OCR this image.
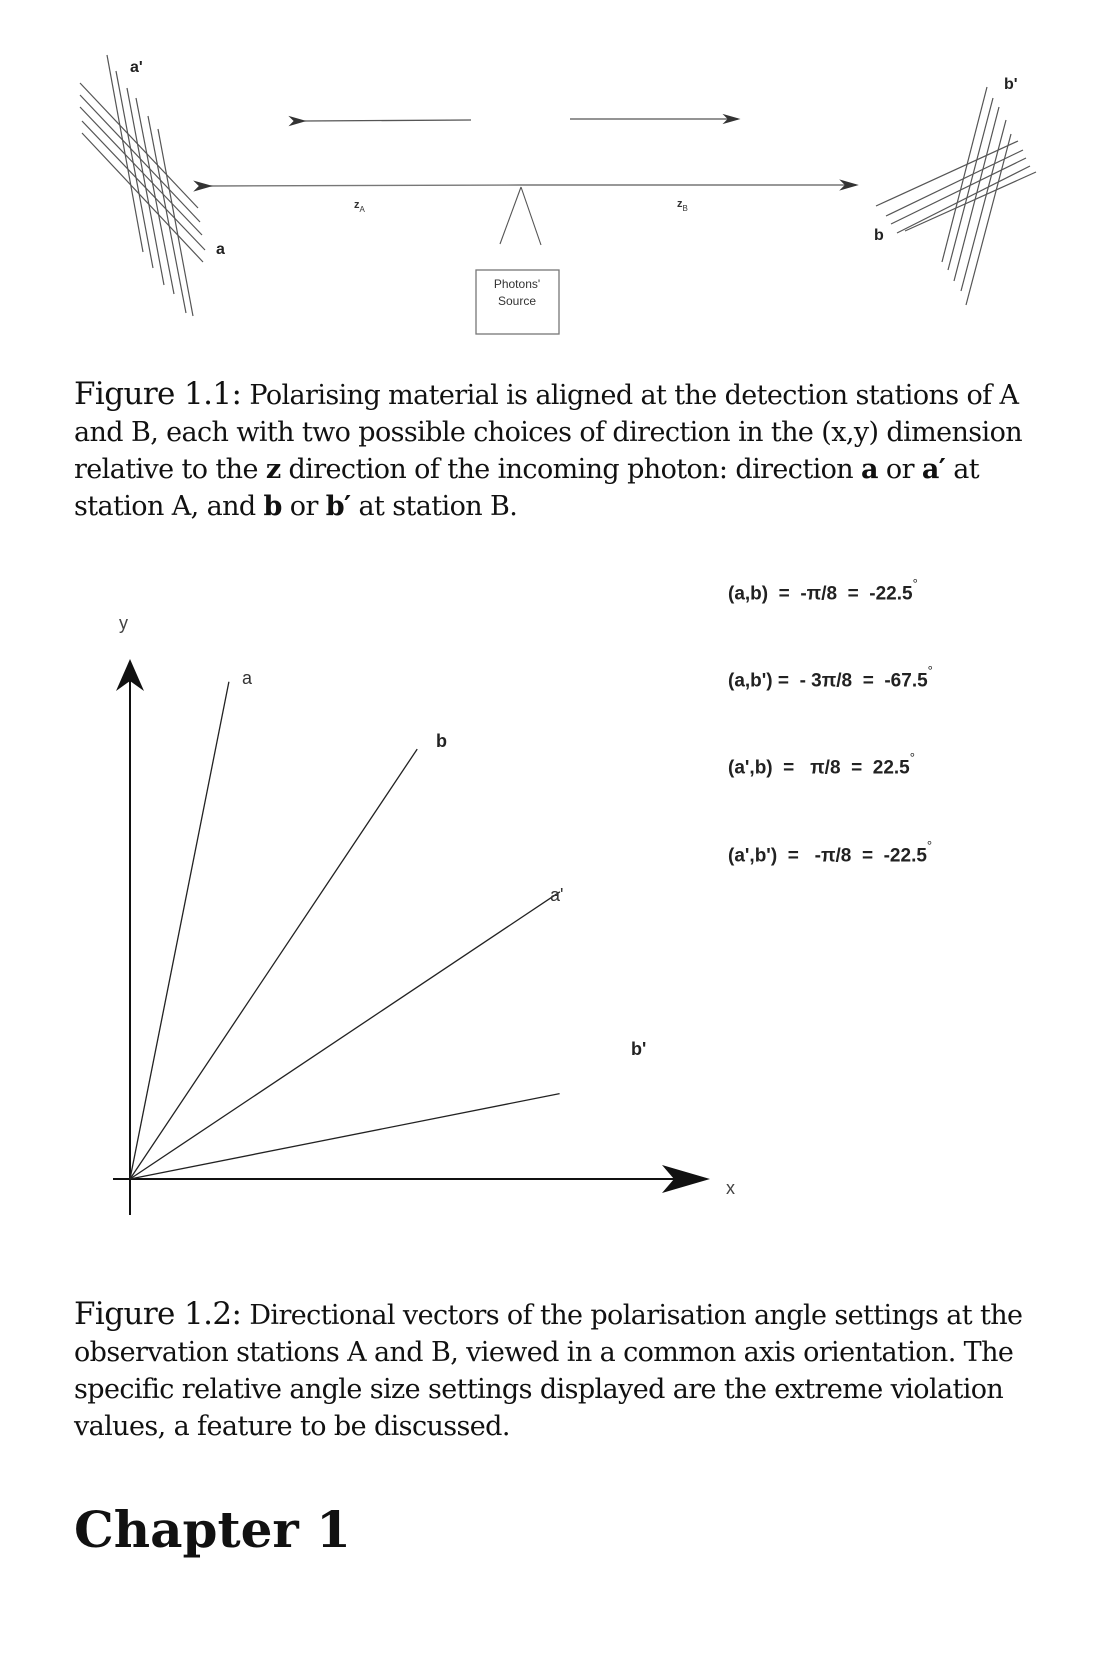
a'
a
$z_A$	$z_B$
Photons'
Source
b'
b
Figure 1.1: Polarising material is aligned at the detection stations of A and B, each with two possible choices of direction in the (x,y) dimension relative to the z direction of the incoming photon: direction a or a′ at station A, and b or b′ at station B.
y
x
a
b
a'
b'
(a,b)  =  -π/8  =  -22.5°
(a,b') =  - 3π/8  =  -67.5°
(a',b)  =   π/8  =  22.5°
(a',b')  =   -π/8  =  -22.5°
Figure 1.2: Directional vectors of the polarisation angle settings at the observation stations A and B, viewed in a common axis orientation. The specific relative angle size settings displayed are the extreme violation values, a feature to be discussed.
Chapter 1
